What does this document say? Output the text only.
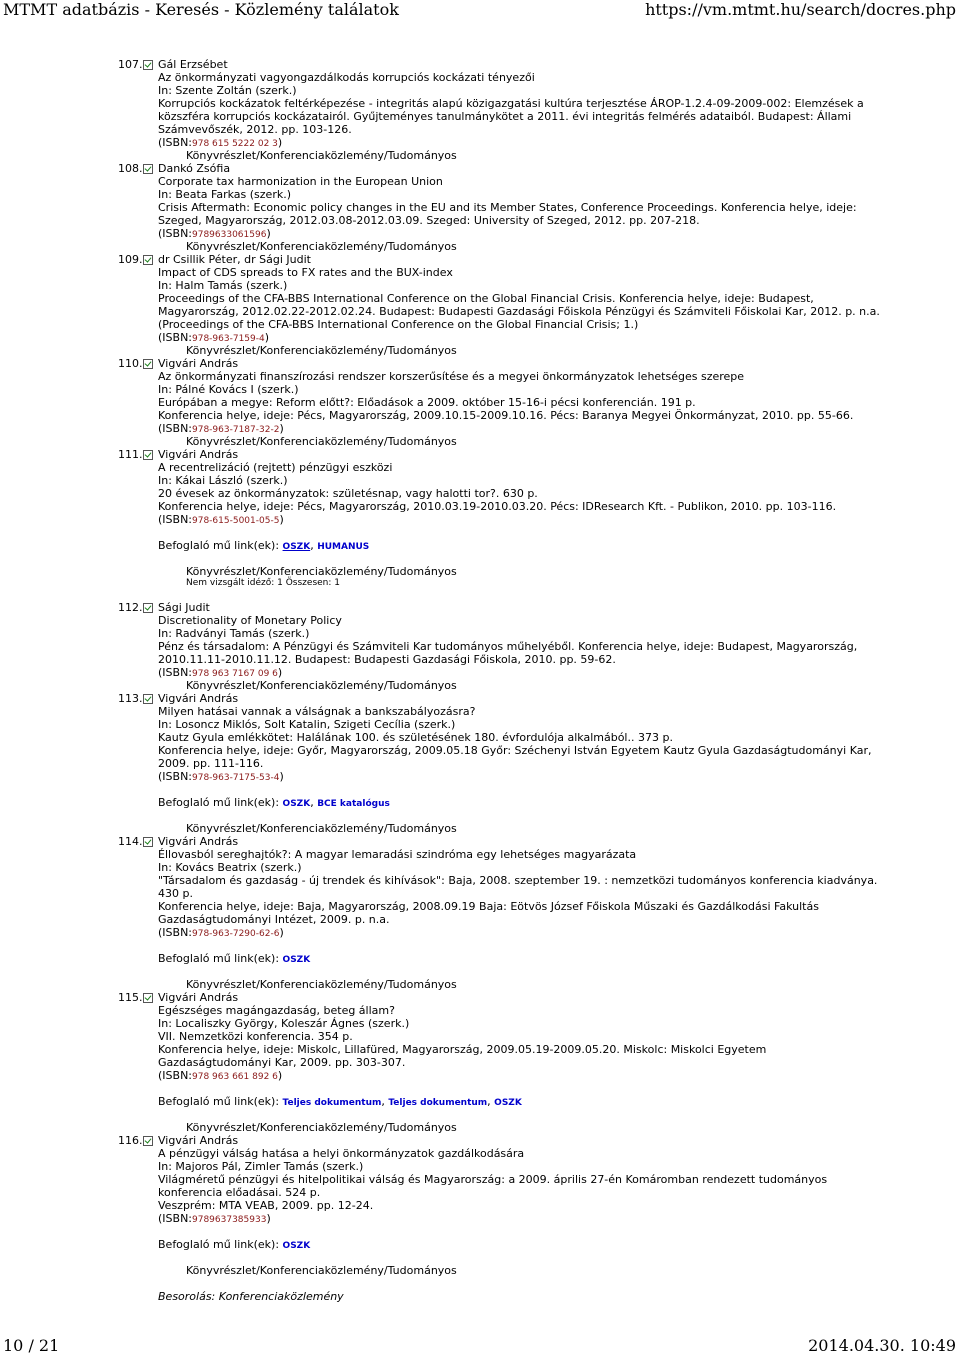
MTMT adatbázis - Keresés - Közlemény találatok	https://vm.mtmt.hu/search/docres.php
107. Gál Erzsébet
Az önkormányzati vagyongazdálkodás korrupciós kockázati tényezői
In: Szente Zoltán (szerk.)
Korrupciós kockázatok feltérképezése - integritás alapú közigazgatási kultúra terjesztése ÁROP-1.2.4-09-2009-002: Elemzések a
közszféra korrupciós kockázatairól. Gyűjteményes tanulmánykötet a 2011. évi integritás felmérés adataiból. Budapest: Állami
Számvevőszék, 2012. pp. 103-126.
(ISBN:978 615 5222 02 3)
Könyvrészlet/Konferenciaközlemény/Tudományos
108. Dankó Zsófia
Corporate tax harmonization in the European Union
In: Beata Farkas (szerk.)
Crisis Aftermath: Economic policy changes in the EU and its Member States, Conference Proceedings. Konferencia helye, ideje:
Szeged, Magyarország, 2012.03.08-2012.03.09. Szeged: University of Szeged, 2012. pp. 207-218.
(ISBN:9789633061596)
Könyvrészlet/Konferenciaközlemény/Tudományos
109. dr Csillik Péter, dr Sági Judit
Impact of CDS spreads to FX rates and the BUX-index
In: Halm Tamás (szerk.)
Proceedings of the CFA-BBS International Conference on the Global Financial Crisis. Konferencia helye, ideje: Budapest,
Magyarország, 2012.02.22-2012.02.24. Budapest: Budapesti Gazdasági Főiskola Pénzügyi és Számviteli Főiskolai Kar, 2012. p. n.a.
(Proceedings of the CFA-BBS International Conference on the Global Financial Crisis; 1.)
(ISBN:978-963-7159-4)
Könyvrészlet/Konferenciaközlemény/Tudományos
110. Vigvári András
Az önkormányzati finanszírozási rendszer korszerűsítése és a megyei önkormányzatok lehetséges szerepe
In: Pálné Kovács I (szerk.)
Európában a megye: Reform előtt?: Előadások a 2009. október 15-16-i pécsi konferencián. 191 p.
Konferencia helye, ideje: Pécs, Magyarország, 2009.10.15-2009.10.16. Pécs: Baranya Megyei Önkormányzat, 2010. pp. 55-66.
(ISBN:978-963-7187-32-2)
Könyvrészlet/Konferenciaközlemény/Tudományos
111. Vigvári András
A recentrelizáció (rejtett) pénzügyi eszközi
In: Kákai László (szerk.)
20 évesek az önkormányzatok: születésnap, vagy halotti tor?. 630 p.
Konferencia helye, ideje: Pécs, Magyarország, 2010.03.19-2010.03.20. Pécs: IDResearch Kft. - Publikon, 2010. pp. 103-116.
(ISBN:978-615-5001-05-5)
Befoglaló mű link(ek): OSZK, HUMANUS
Könyvrészlet/Konferenciaközlemény/Tudományos
Nem vizsgált idéző: 1 Összesen: 1
112. Sági Judit
Discretionality of Monetary Policy
In: Radványi Tamás (szerk.)
Pénz és társadalom: A Pénzügyi és Számviteli Kar tudományos műhelyéből. Konferencia helye, ideje: Budapest, Magyarország,
2010.11.11-2010.11.12. Budapest: Budapesti Gazdasági Főiskola, 2010. pp. 59-62.
(ISBN:978 963 7167 09 6)
Könyvrészlet/Konferenciaközlemény/Tudományos
113. Vigvári András
Milyen hatásai vannak a válságnak a bankszabályozásra?
In: Losoncz Miklós, Solt Katalin, Szigeti Cecília (szerk.)
Kautz Gyula emlékkötet: Halálának 100. és születésének 180. évfordulója alkalmából.. 373 p.
Konferencia helye, ideje: Győr, Magyarország, 2009.05.18 Győr: Széchenyi István Egyetem Kautz Gyula Gazdaságtudományi Kar,
2009. pp. 111-116.
(ISBN:978-963-7175-53-4)
Befoglaló mű link(ek): OSZK, BCE katalógus
Könyvrészlet/Konferenciaközlemény/Tudományos
114. Vigvári András
Éllovasból sereghajtók?: A magyar lemaradási szindróma egy lehetséges magyarázata
In: Kovács Beatrix (szerk.)
"Társadalom és gazdaság - új trendek és kihívások": Baja, 2008. szeptember 19. : nemzetközi tudományos konferencia kiadványa.
430 p.
Konferencia helye, ideje: Baja, Magyarország, 2008.09.19 Baja: Eötvös József Főiskola Műszaki és Gazdálkodási Fakultás
Gazdaságtudományi Intézet, 2009. p. n.a.
(ISBN:978-963-7290-62-6)
Befoglaló mű link(ek): OSZK
Könyvrészlet/Konferenciaközlemény/Tudományos
115. Vigvári András
Egészséges magángazdaság, beteg állam?
In: Localiszky György, Koleszár Ágnes (szerk.)
VII. Nemzetközi konferencia. 354 p.
Konferencia helye, ideje: Miskolc, Lillafüred, Magyarország, 2009.05.19-2009.05.20. Miskolc: Miskolci Egyetem
Gazdaságtudományi Kar, 2009. pp. 303-307.
(ISBN:978 963 661 892 6)
Befoglaló mű link(ek): Teljes dokumentum, Teljes dokumentum, OSZK
Könyvrészlet/Konferenciaközlemény/Tudományos
116. Vigvári András
A pénzügyi válság hatása a helyi önkormányzatok gazdálkodására
In: Majoros Pál, Zimler Tamás (szerk.)
Világméretű pénzügyi és hitelpolitikai válság és Magyarország: a 2009. április 27-én Komáromban rendezett tudományos
konferencia előadásai. 524 p.
Veszprém: MTA VEAB, 2009. pp. 12-24.
(ISBN:9789637385933)
Befoglaló mű link(ek): OSZK
Könyvrészlet/Konferenciaközlemény/Tudományos
Besorolás: Konferenciaközlemény
10 / 21	2014.04.30. 10:49
